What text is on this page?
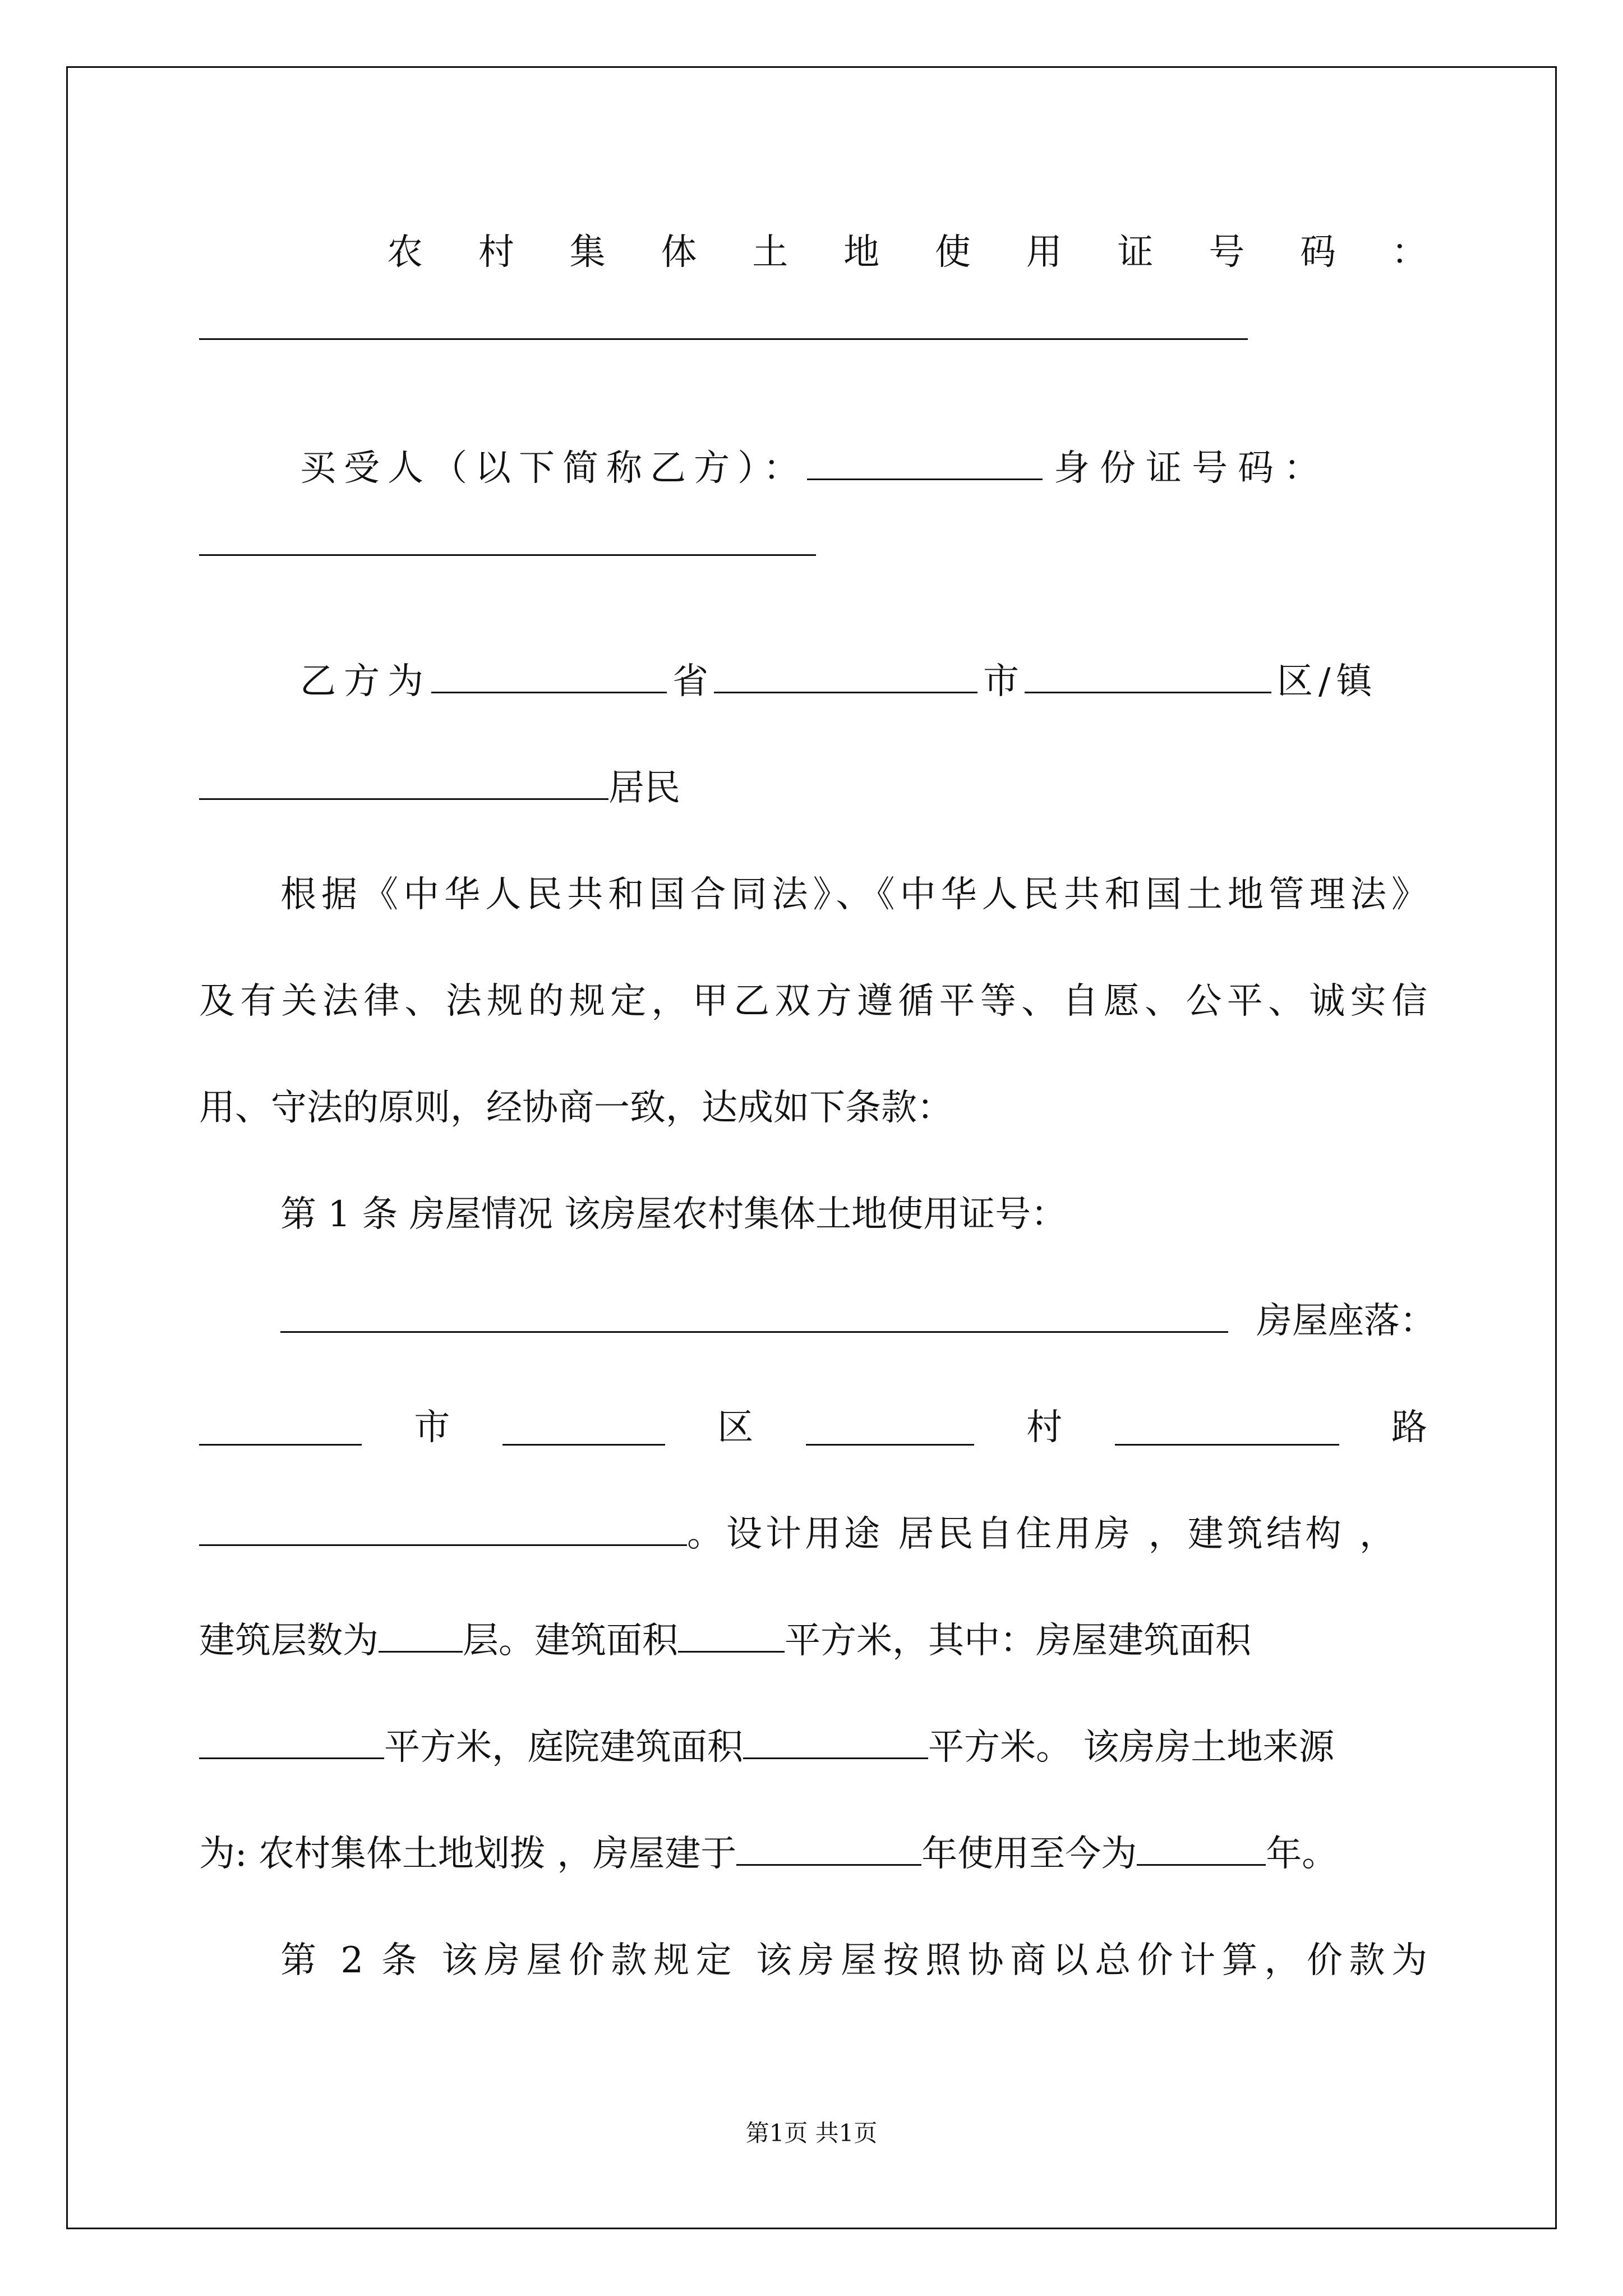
农 村 集 体 土 地 使 用 证 号 码 ：
买受人（以下简称乙方）：	身份证号码：
乙方为	省	市	区/镇
居民
根据《中华人民共和国合同法》、《中华人民共和国土地管理法》
及有关法律、法规的规定，甲乙双方遵循平等、自愿、公平、诚实信
用、守法的原则，经协商一致，达成如下条款：
第 1 条 房屋情况 该房屋农村集体土地使用证号：
房屋座落：
市	区	村	路
。设计用途 居民自住用房 ，建筑结构 ，
建筑层数为 层。建筑面积	平方米，其中：房屋建筑面积
平方米，庭院建筑面积	平方米。 该房房土地来源
为: 农村集体土地划拨 ，房屋建于	年使用至今为	年。
第 2 条 该房屋价款规定 该房屋按照协商以总价计算，价款为
第1页 共1页
